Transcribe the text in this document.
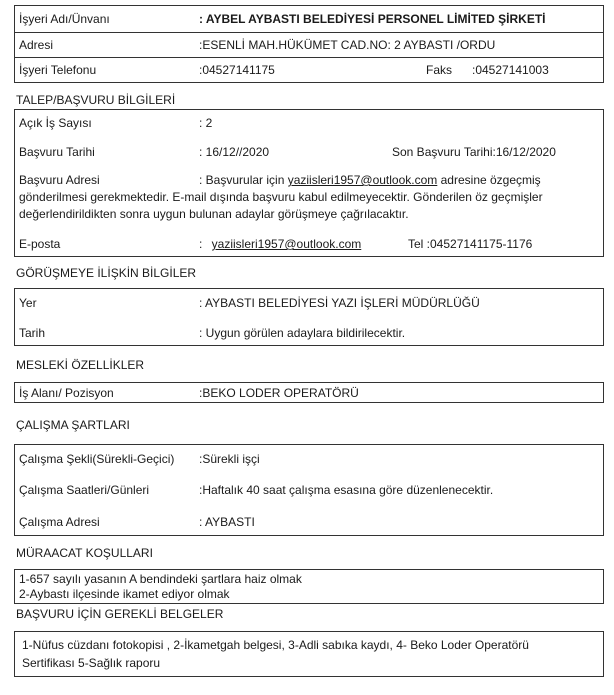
İşyeri Adı/Ünvanı	: AYBEL AYBASTI BELEDİYESİ PERSONEL LİMİTED ŞİRKETİ
Adresi	:ESENLİ MAH.HÜKÜMET CAD.NO: 2 AYBASTI /ORDU
İşyeri Telefonu	:04527141175	Faks :04527141003
TALEP/BAŞVURU BİLGİLERİ
Açık İş Sayısı	: 2
Başvuru Tarihi	: 16/12//2020	Son Başvuru Tarihi:16/12/2020
Başvuru Adresi	: Başvurular için yaziisleri1957@outlook.com adresine özgeçmiş
gönderilmesi gerekmektedir. E-mail dışında başvuru kabul edilmeyecektir. Gönderilen öz geçmişler
değerlendirildikten sonra uygun bulunan adaylar görüşmeye çağrılacaktır.
E-posta	: yaziisleri1957@outlook.com	Tel :04527141175-1176
GÖRÜŞMEYE İLİŞKİN BİLGİLER
Yer	: AYBASTI BELEDİYESİ YAZI İŞLERİ MÜDÜRLÜĞÜ
Tarih	: Uygun görülen adaylara bildirilecektir.
MESLEKİ ÖZELLİKLER
İş Alanı/ Pozisyon	:BEKO LODER OPERATÖRÜ
ÇALIŞMA ŞARTLARI
Çalışma Şekli(Sürekli-Geçici) :Sürekli işçi
Çalışma Saatleri/Günleri	:Haftalık 40 saat çalışma esasına göre düzenlenecektir.
Çalışma Adresi	: AYBASTI
MÜRAACAT KOŞULLARI
1-657 sayılı yasanın A bendindeki şartlara haiz olmak
2-Aybastı ilçesinde ikamet ediyor olmak
BAŞVURU İÇİN GEREKLİ BELGELER
1-Nüfus cüzdanı fotokopisi , 2-İkametgah belgesi, 3-Adli sabıka kaydı, 4- Beko Loder Operatörü
Sertifikası 5-Sağlık raporu
